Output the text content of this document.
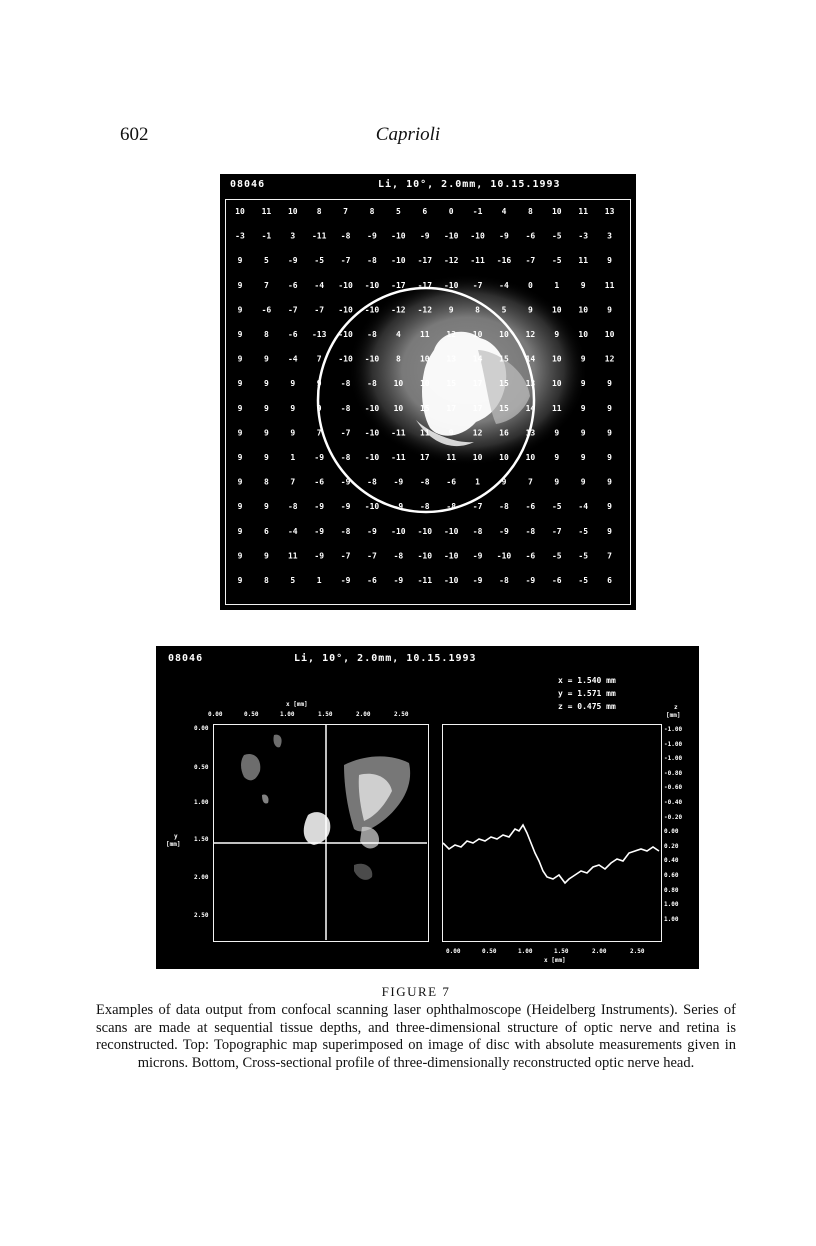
602	Caprioli
08046	Li, 10°, 2.0mm, 10.15.1993
10 11 10 8	7	8	5	6	0 -1 4	8 10 11 13
-3 -1 3 -11 -8 -9 -10 -9 -10 -10 -9 -6 -5 -3 3
9	5 -9 -5 -7 -8 -10 -17 -12 -11 -16 -7 -5 11 9
9	7 -6 -4 -10 -10 -17 -17 -10 -7 -4 0	1	9 11
9 -6 -7 -7 -10 -10 -12 -12 9	8	5	9 10 10 9
9	8 -6 -13 -10 -8 4 11 12 10 10 12 9 10 10
9	9 -4 7 -10 -10 8 10 13 14 15 14 10 9 12
9	9	9	9 -8 -8 10 10 15 17 15 13 10 9	9
9	9	9	9 -8 -10 10 15 17 17 15 14 11 9	9
9	9	9	7 -7 -10 -11 11 9 12 16 13 9	9	9
9	9	1 -9 -8 -10 -11 17 11 10 10 10 9	9	9
9	8	7 -6 -9 -8 -9 -8 -6 1	9	7	9	9	9
9	9 -8 -9 -9 -10 -9 -8 -8 -7 -8 -6 -5 -4 9
9	6 -4 -9 -8 -9 -10 -10 -10 -8 -9 -8 -7 -5 9
9	9 11 -9 -7 -7 -8 -10 -10 -9 -10 -6 -5 -5 7
9	8	5	1 -9 -6 -9 -11 -10 -9 -8 -9 -6 -5 6
08046	Li, 10°, 2.0mm, 10.15.1993
x = 1.540 mm
y = 1.571 mm
z = 0.475 mm
x [mm]
0.00	0.50	1.00	1.50	2.00	2.50
0.00
0.50
1.00
1.50
2.00
2.50
y
[mm]
z
[mm]
-1.00
-1.00
-1.00
-0.80
-0.60
-0.40
-0.20
0.00
0.20
0.40
0.60
0.80
1.00
1.00
0.00	0.50	1.00	1.50	2.00	2.50
x [mm]
FIGURE 7
Examples of data output from confocal scanning laser ophthalmoscope (Heidelberg Instruments). Series of scans are made at sequential tissue depths, and three-dimensional structure of optic nerve and retina is reconstructed. Top: Topographic map superimposed on image of disc with absolute measurements given in microns. Bottom, Cross-sectional profile of three-dimensionally reconstructed optic nerve head.
